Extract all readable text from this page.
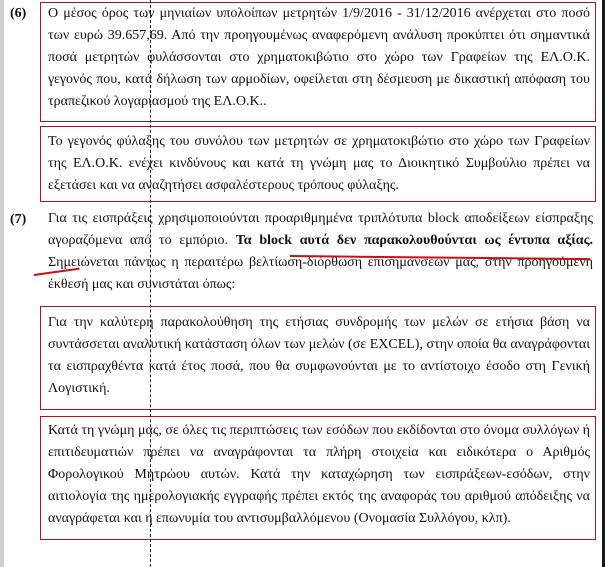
(6) Ο μέσος όρος των μηνιαίων υπολοίπων μετρητών 1/9/2016 - 31/12/2016 ανέρχεται στο ποσό των ευρώ 39.657,69. Από την προηγουμένως αναφερόμενη ανάλυση προκύπτει ότι σημαντικά ποσά μετρητών φυλάσσονται στο χρηματοκιβώτιο στο χώρο των Γραφείων της ΕΛ.Ο.Κ. γεγονός που, κατά δήλωση των αρμοδίων, οφείλεται στη δέσμευση με δικαστική απόφαση του τραπεζικού λογαριασμού της ΕΛ.Ο.Κ..

Το γεγονός φύλαξης του συνόλου των μετρητών σε χρηματοκιβώτιο στο χώρο των Γραφείων της ΕΛ.Ο.Κ. ενέχει κινδύνους και κατά τη γνώμη μας το Διοικητικό Συμβούλιο πρέπει να εξετάσει και να αναζητήσει ασφαλέστερους τρόπους φύλαξης.

(7) Για τις εισπράξεις χρησιμοποιούνται προαριθμημένα τριπλότυπα block αποδείξεων είσπραξης αγοραζόμενα από το εμπόριο. Τα block αυτά δεν παρακολουθούνται ως έντυπα αξίας. Σημειώνεται πάντως η περαιτέρω βελτίωση-διόρθωση επισημάνσεων μας, στην προηγούμενη έκθεσή μας και συνιστάται όπως:

Για την καλύτερη παρακολούθηση της ετήσιας συνδρομής των μελών σε ετήσια βάση να συντάσσεται αναλυτική κατάσταση όλων των μελών (σε EXCEL), στην οποία θα αναγράφονται τα εισπραχθέντα κατά έτος ποσά, που θα συμφωνούνται με το αντίστοιχο έσοδο στη Γενική Λογιστική.

Κατά τη γνώμη μας, σε όλες τις περιπτώσεις των εσόδων που εκδίδονται στο όνομα συλλόγων ή επιτιδευματιών πρέπει να αναγράφονται τα πλήρη στοιχεία και ειδικότερα ο Αριθμός Φορολογικού Μητρώου αυτών. Κατά την καταχώρηση των εισπράξεων-εσόδων, στην αιτιολογία της ημερολογιακής εγγραφής πρέπει εκτός της αναφοράς του αριθμού απόδειξης να αναγράφεται και η επωνυμία του αντισυμβαλλόμενου (Ονομασία Συλλόγου, κλπ).
